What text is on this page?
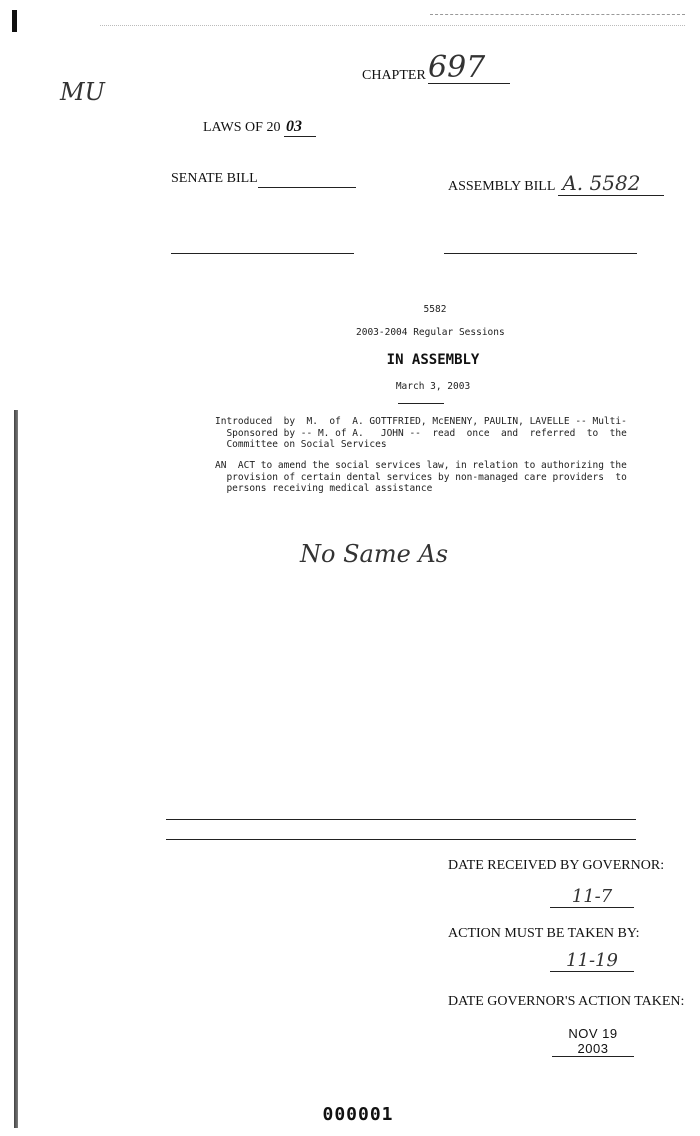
CHAPTER 697
MU
LAWS OF 20 03
SENATE BILL
ASSEMBLY BILL A. 5582
5582
2003-2004 Regular Sessions
IN ASSEMBLY
March 3, 2003
Introduced  by  M.  of  A. GOTTFRIED, McENENY, PAULIN, LAVELLE -- Multi-
Sponsored by -- M. of A.   JOHN --  read  once  and  referred  to  the
Committee on Social Services
AN  ACT to amend the social services law, in relation to authorizing the
provision of certain dental services by non-managed care providers  to
persons receiving medical assistance
No Same As
DATE RECEIVED BY GOVERNOR:
11-7
ACTION MUST BE TAKEN BY:
11-19
DATE GOVERNOR'S ACTION TAKEN:
NOV 19 2003
000001
